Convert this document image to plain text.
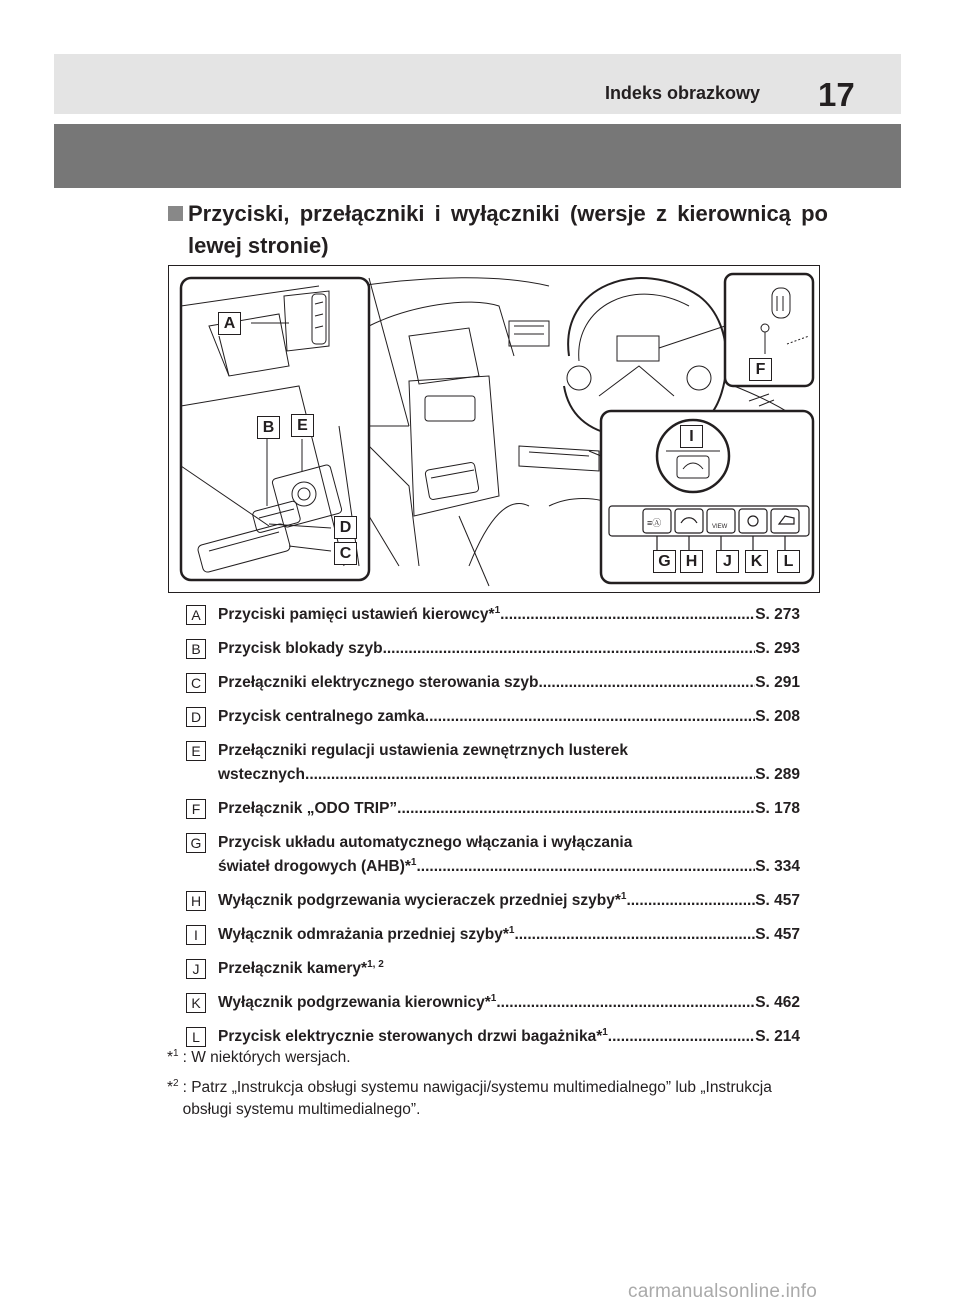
Indeks obrazkowy 17
Przyciski, przełączniki i wyłączniki (wersje z kierownicą po lewej stronie)
VIEW
≡Ⓐ
A
B	E
D
C
F
I
G H	J	K	L
A	Przyciski pamięci ustawień kierowcy*$^1$ .....	S. 273
B	Przycisk blokady szyb .....	S. 293
C	Przełączniki elektrycznego sterowania szyb .....	S. 291
D	Przycisk centralnego zamka .....	S. 208
E	Przełączniki regulacji ustawienia zewnętrznych lusterek
wstecznych .....	S. 289
F	Przełącznik „ODO TRIP” .....	S. 178
G Przycisk układu automatycznego włączania i wyłączania
świateł drogowych (AHB)*$^1$ .....	S. 334
H	Wyłącznik podgrzewania wycieraczek przedniej szyby*$^1$ .....	S. 457
I	Wyłącznik odmrażania przedniej szyby*$^1$ .....	S. 457
J	Przełącznik kamery*$^{1, 2}$
K	Wyłącznik podgrzewania kierownicy*$^1$ .....	S. 462
L	Przycisk elektrycznie sterowanych drzwi bagażnika*$^1$ .....	S. 214
*$^1$ : W niektórych wersjach.
*$^2$ : Patrz „Instrukcja obsługi systemu nawigacji/systemu multimedialnego” lub „Instrukcja obsługi systemu multimedialnego”.
carmanualsonline.info
